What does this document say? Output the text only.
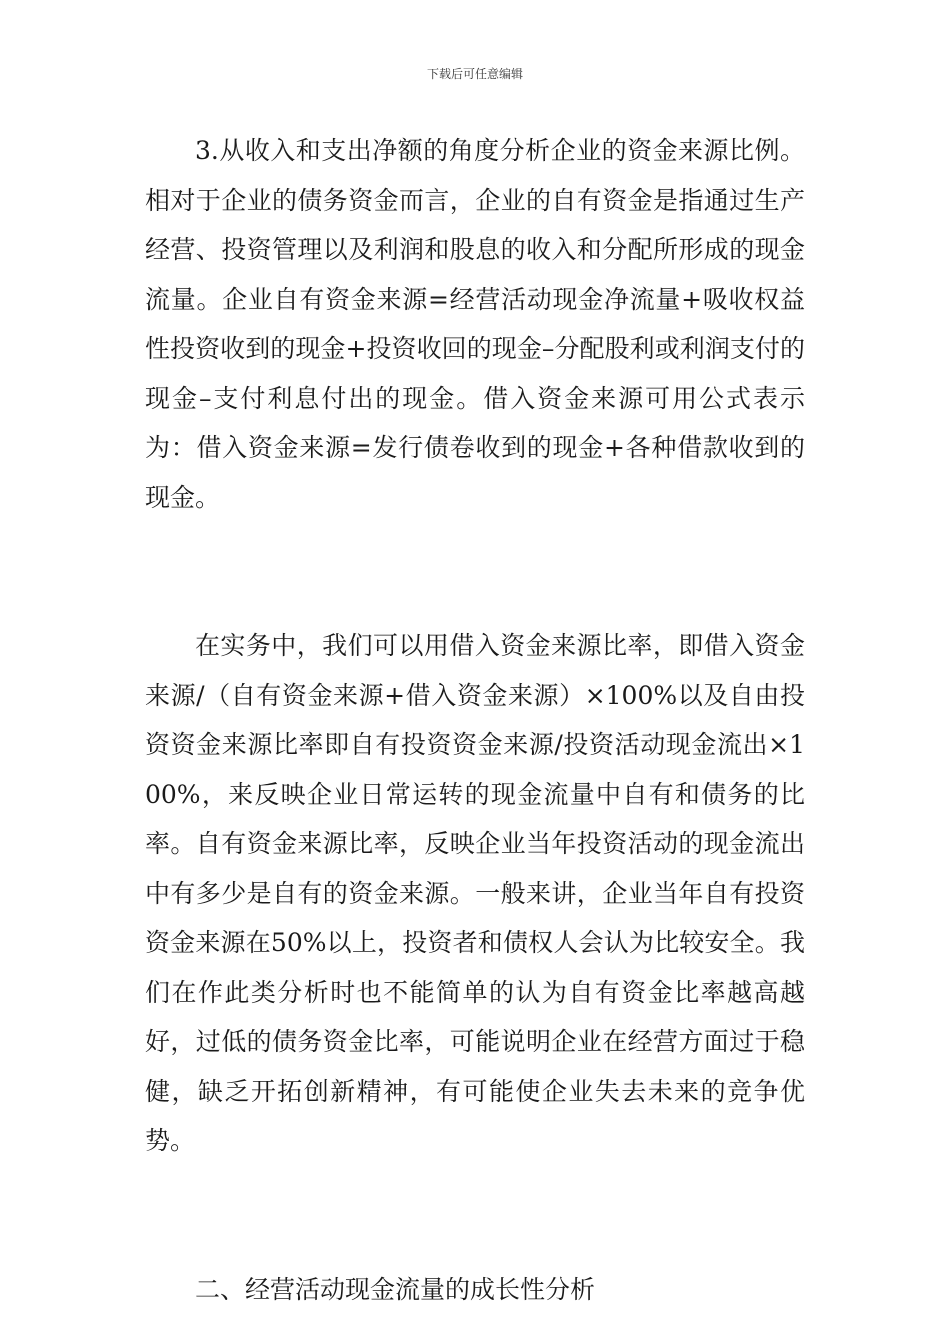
下载后可任意编辑

3.从收入和支出净额的角度分析企业的资金来源比例。相对于企业的债务资金而言，企业的自有资金是指通过生产经营、投资管理以及利润和股息的收入和分配所形成的现金流量。企业自有资金来源=经营活动现金净流量+吸收权益性投资收到的现金+投资收回的现金–分配股利或利润支付的现金–支付利息付出的现金。借入资金来源可用公式表示为：借入资金来源=发行债卷收到的现金+各种借款收到的现金。

在实务中，我们可以用借入资金来源比率，即借入资金来源/（自有资金来源+借入资金来源）×100%以及自由投资资金来源比率即自有投资资金来源/投资活动现金流出×100%，来反映企业日常运转的现金流量中自有和债务的比率。自有资金来源比率，反映企业当年投资活动的现金流出中有多少是自有的资金来源。一般来讲，企业当年自有投资资金来源在50%以上，投资者和债权人会认为比较安全。我们在作此类分析时也不能简单的认为自有资金比率越高越好，过低的债务资金比率，可能说明企业在经营方面过于稳健，缺乏开拓创新精神，有可能使企业失去未来的竞争优势。

二、经营活动现金流量的成长性分析
